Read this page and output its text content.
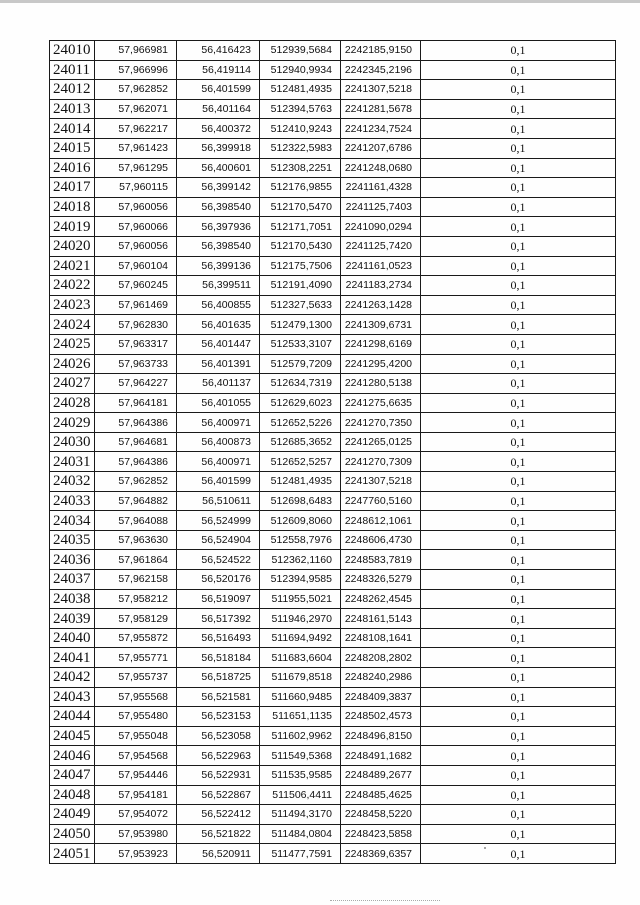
24010	57,966981	56,416423	512939,5684	2242185,9150	0,1
24011	57,966996	56,419114	512940,9934	2242345,2196	0,1
24012	57,962852	56,401599	512481,4935	2241307,5218	0,1
24013	57,962071	56,401164	512394,5763	2241281,5678	0,1
24014	57,962217	56,400372	512410,9243	2241234,7524	0,1
24015	57,961423	56,399918	512322,5983	2241207,6786	0,1
24016	57,961295	56,400601	512308,2251	2241248,0680	0,1
24017	57,960115	56,399142	512176,9855	2241161,4328	0,1
24018	57,960056	56,398540	512170,5470	2241125,7403	0,1
24019	57,960066	56,397936	512171,7051	2241090,0294	0,1
24020	57,960056	56,398540	512170,5430	2241125,7420	0,1
24021	57,960104	56,399136	512175,7506	2241161,0523	0,1
24022	57,960245	56,399511	512191,4090	2241183,2734	0,1
24023	57,961469	56,400855	512327,5633	2241263,1428	0,1
24024	57,962830	56,401635	512479,1300	2241309,6731	0,1
24025	57,963317	56,401447	512533,3107	2241298,6169	0,1
24026	57,963733	56,401391	512579,7209	2241295,4200	0,1
24027	57,964227	56,401137	512634,7319	2241280,5138	0,1
24028	57,964181	56,401055	512629,6023	2241275,6635	0,1
24029	57,964386	56,400971	512652,5226	2241270,7350	0,1
24030	57,964681	56,400873	512685,3652	2241265,0125	0,1
24031	57,964386	56,400971	512652,5257	2241270,7309	0,1
24032	57,962852	56,401599	512481,4935	2241307,5218	0,1
24033	57,964882	56,510611	512698,6483	2247760,5160	0,1
24034	57,964088	56,524999	512609,8060	2248612,1061	0,1
24035	57,963630	56,524904	512558,7976	2248606,4730	0,1
24036	57,961864	56,524522	512362,1160	2248583,7819	0,1
24037	57,962158	56,520176	512394,9585	2248326,5279	0,1
24038	57,958212	56,519097	511955,5021	2248262,4545	0,1
24039	57,958129	56,517392	511946,2970	2248161,5143	0,1
24040	57,955872	56,516493	511694,9492	2248108,1641	0,1
24041	57,955771	56,518184	511683,6604	2248208,2802	0,1
24042	57,955737	56,518725	511679,8518	2248240,2986	0,1
24043	57,955568	56,521581	511660,9485	2248409,3837	0,1
24044	57,955480	56,523153	511651,1135	2248502,4573	0,1
24045	57,955048	56,523058	511602,9962	2248496,8150	0,1
24046	57,954568	56,522963	511549,5368	2248491,1682	0,1
24047	57,954446	56,522931	511535,9585	2248489,2677	0,1
24048	57,954181	56,522867	511506,4411	2248485,4625	0,1
24049	57,954072	56,522412	511494,3170	2248458,5220	0,1
24050	57,953980	56,521822	511484,0804	2248423,5858	0,1
24051	57,953923	56,520911	511477,7591	2248369,6357	0,1
